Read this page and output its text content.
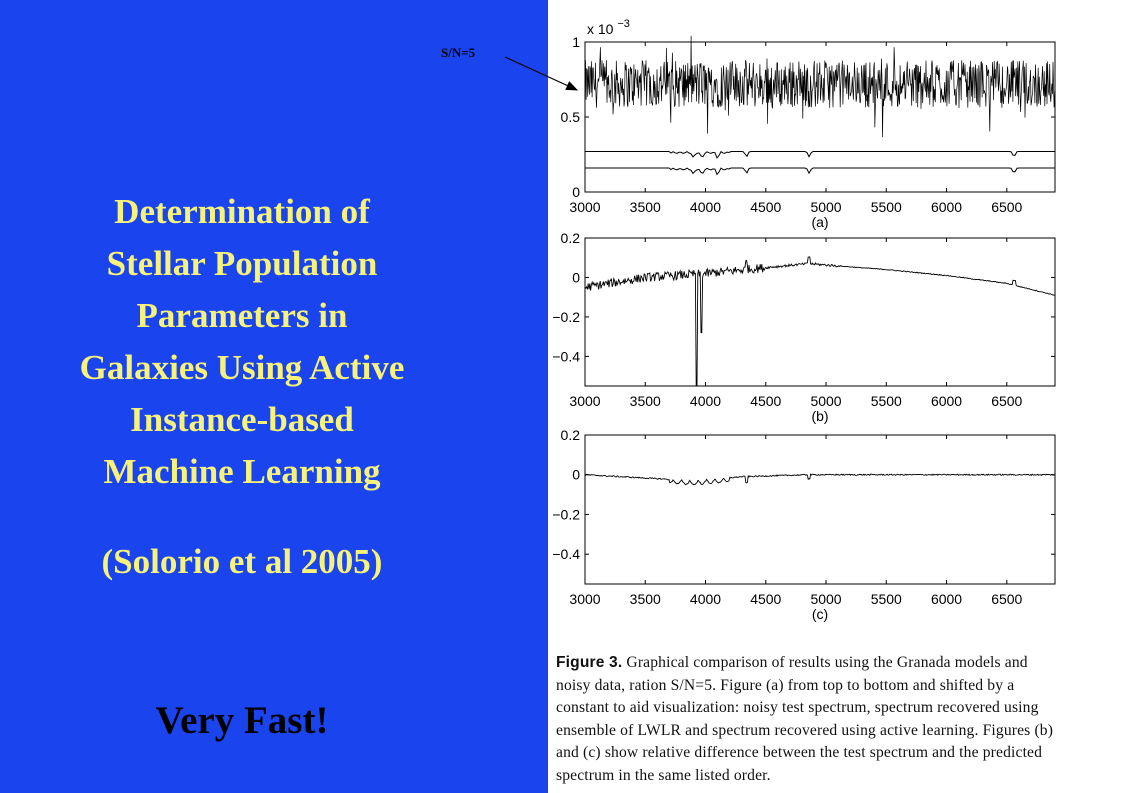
Determination of
Stellar Population
Parameters in
Galaxies Using Active
Instance-based
Machine Learning
(Solorio et al 2005)
Very Fast!
S/N=5
3000 3500 4000 4500 5000 5500 6000 6500
0
0.5
1
(a)
x 10 $^{-3}$
3000 3500 4000 4500 5000 5500 6000 6500
0.2
0
−0.2
−0.4
(b)
3000 3500 4000 4500 5000 5500 6000 6500
0.2
0
−0.2
−0.4
(c)
Figure 3. Graphical comparison of results using the Granada models and noisy data, ration S/N=5. Figure (a) from top to bottom and shifted by a constant to aid visualization: noisy test spectrum, spectrum recovered using ensemble of LWLR and spectrum recovered using active learning. Figures (b) and (c) show relative difference between the test spectrum and the predicted spectrum in the same listed order.
